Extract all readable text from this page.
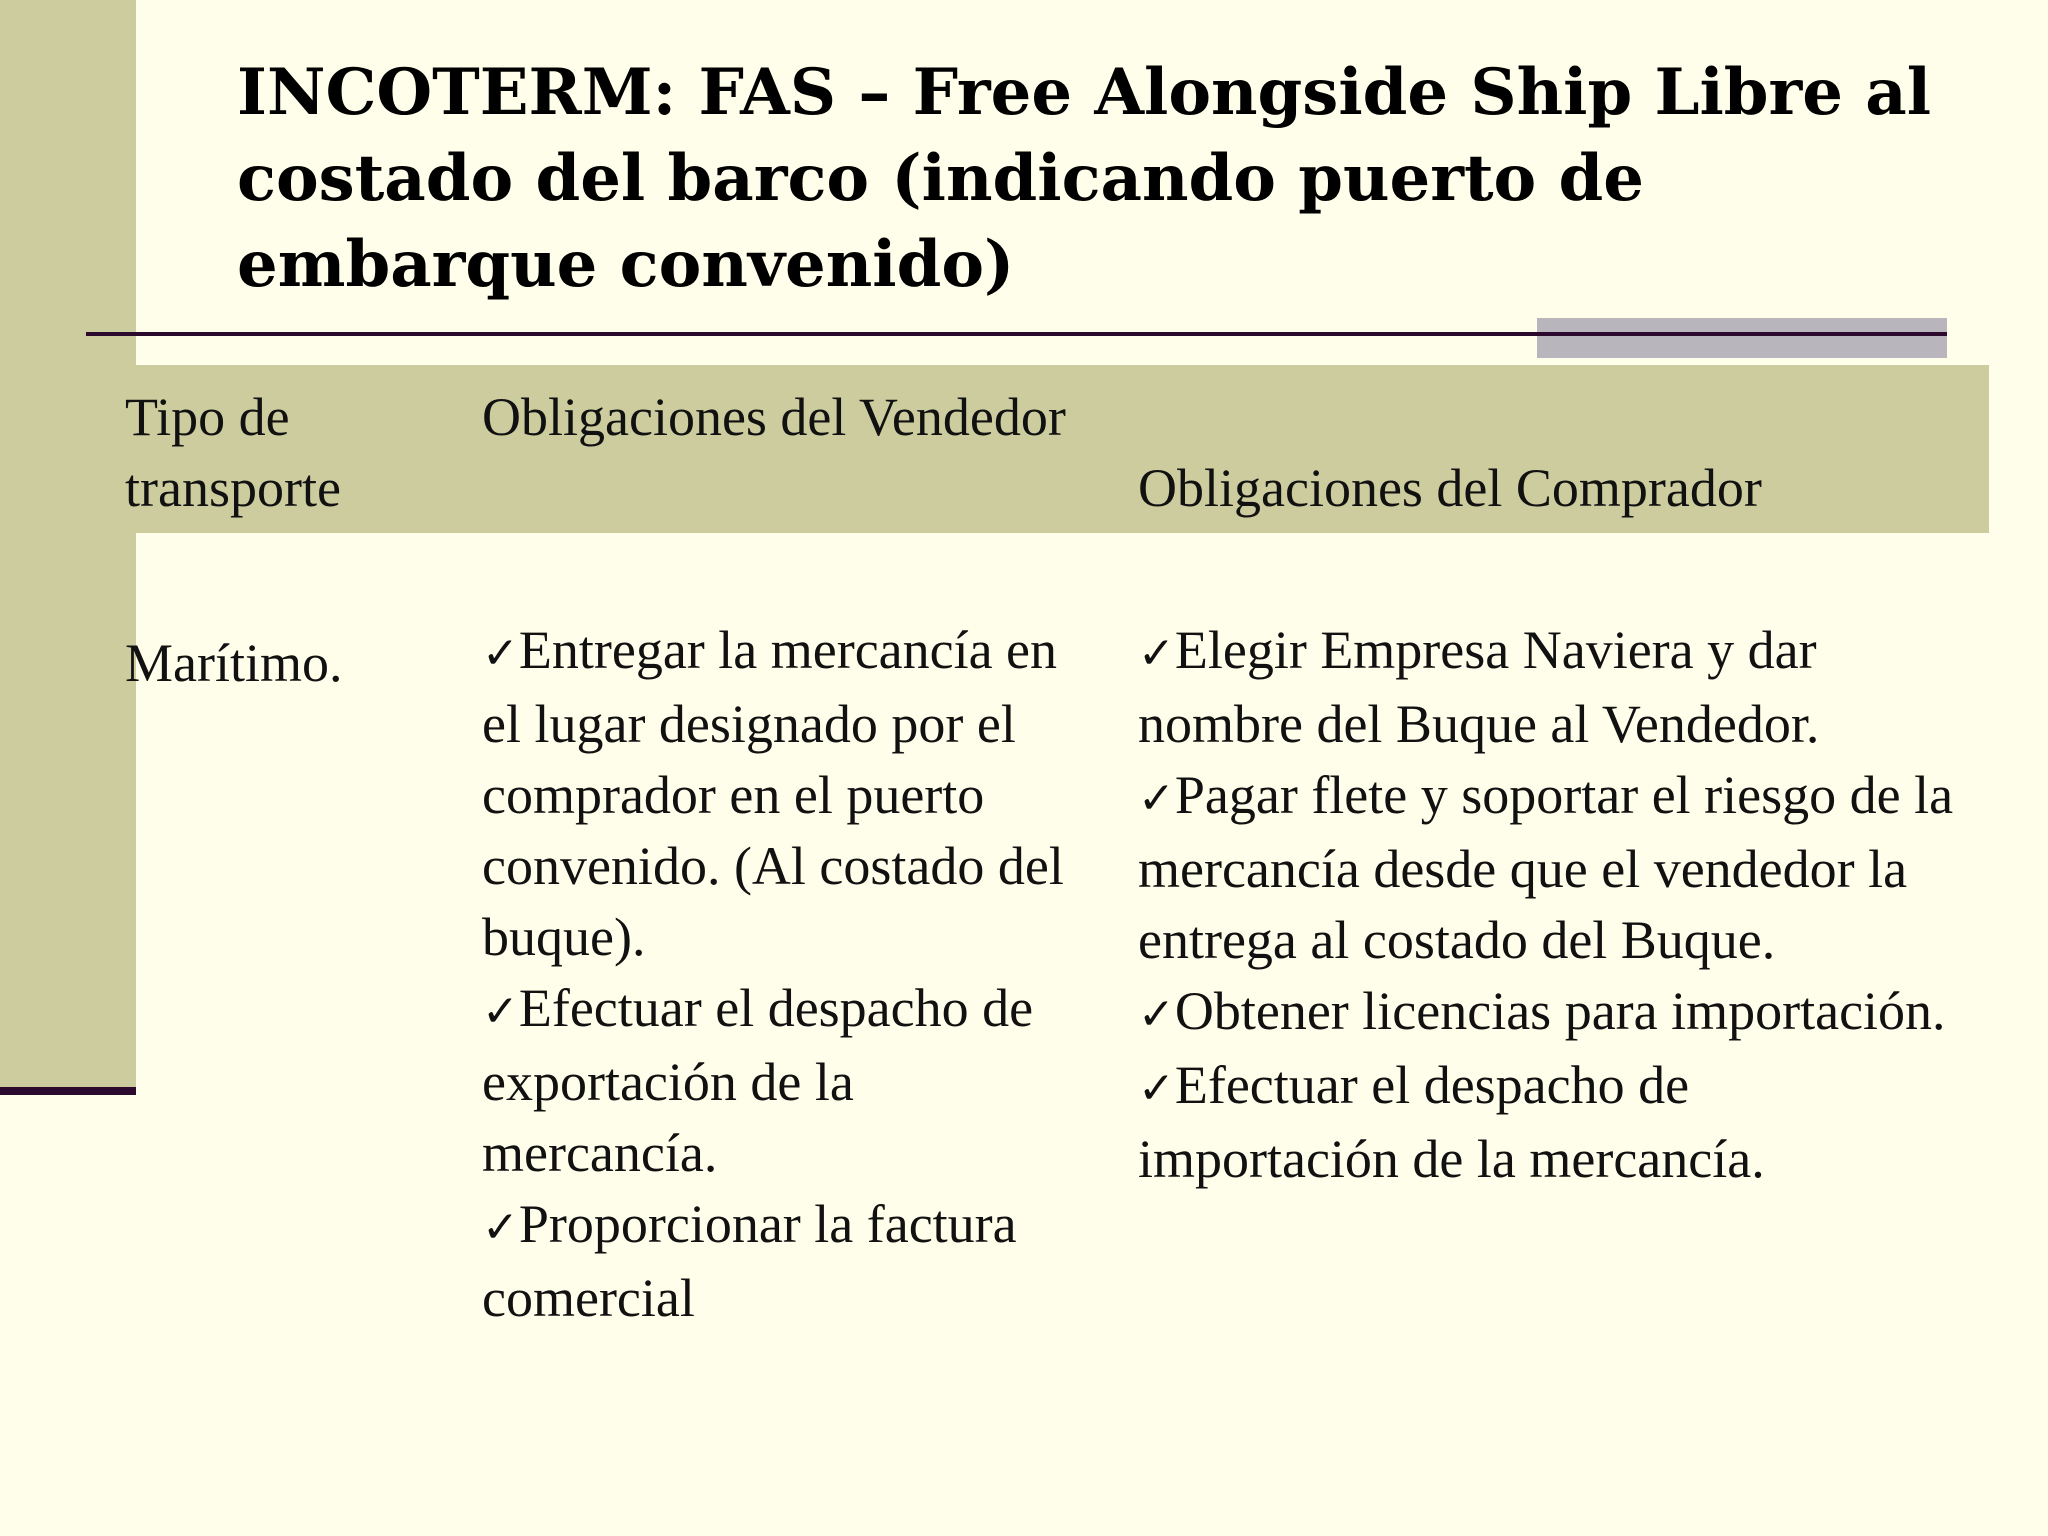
INCOTERM: FAS – Free Alongside Ship Libre al costado del barco (indicando puerto de embarque convenido)
Tipo de transporte
Obligaciones del Vendedor
Obligaciones del Comprador
Marítimo.	✓Entregar la mercancía en el lugar designado por el comprador en el puerto convenido. (Al costado del buque).
✓Efectuar el despacho de exportación de la mercancía.
✓Proporcionar la factura comercial
✓Elegir Empresa Naviera y dar nombre del Buque al Vendedor.
✓Pagar flete y soportar el riesgo de la mercancía desde que el vendedor la entrega al costado del Buque.
✓Obtener licencias para importación.
✓Efectuar el despacho de importación de la mercancía.
